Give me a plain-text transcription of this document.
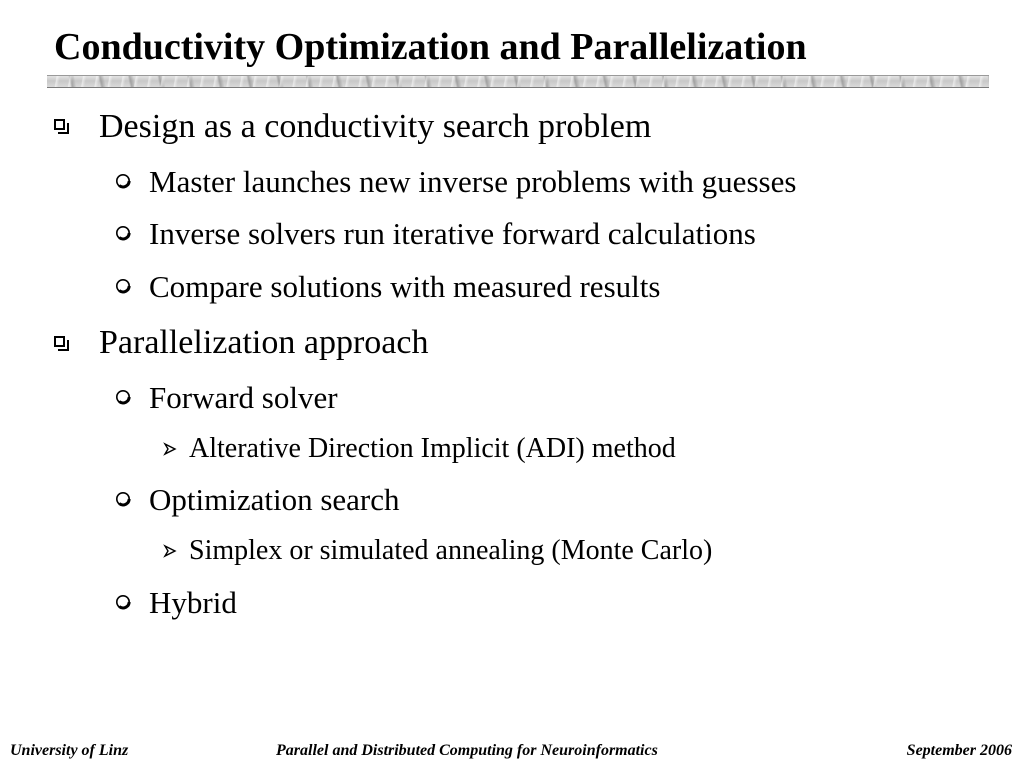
Conductivity Optimization and Parallelization
Design as a conductivity search problem
Master launches new inverse problems with guesses
Inverse solvers run iterative forward calculations
Compare solutions with measured results
Parallelization approach
Forward solver
Alterative Direction Implicit (ADI) method
Optimization search
Simplex or simulated annealing (Monte Carlo)
Hybrid
University of Linz	Parallel and Distributed Computing for Neuroinformatics	September 2006
